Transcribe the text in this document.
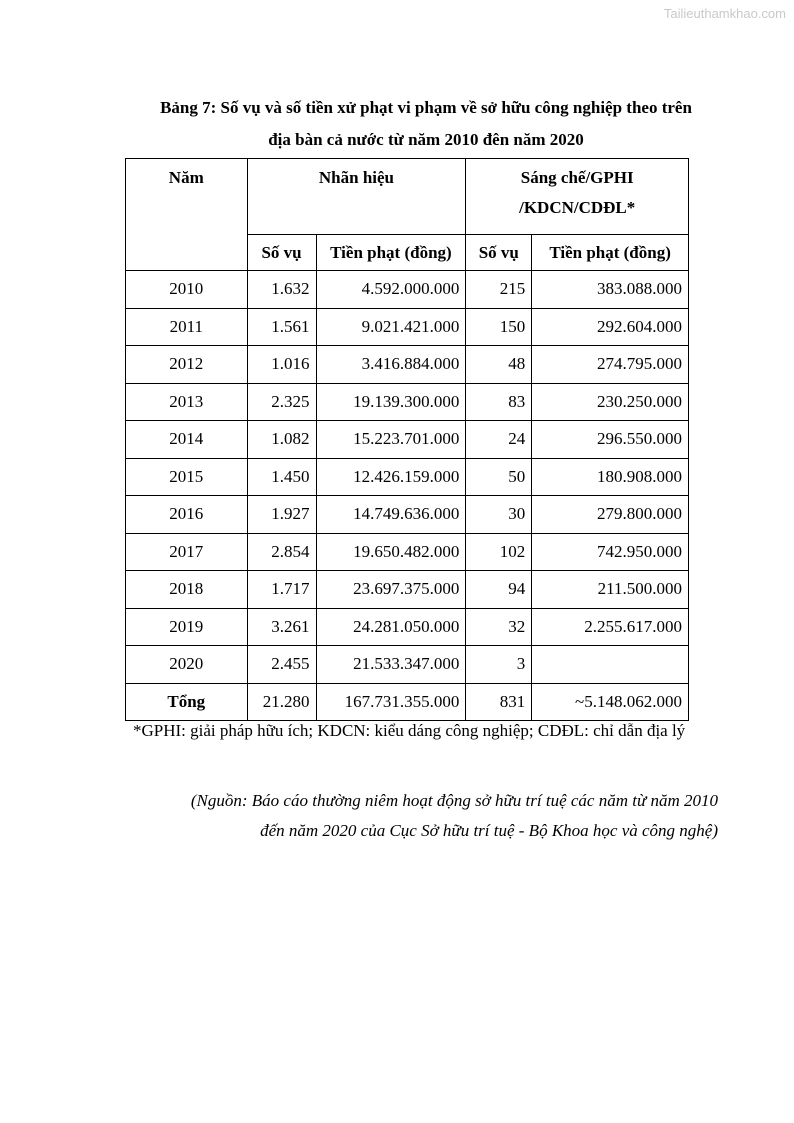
Tailieuthamkhao.com
Bảng 7: Số vụ và số tiền xử phạt vi phạm về sở hữu công nghiệp theo trên
địa bàn cả nước từ năm 2010 đên năm 2020
Năm	Nhãn hiệu		Sáng chế/GPHI
/KDCN/CDĐL*	

	Số vụ	Tiền phạt (đồng)	Số vụ	Tiền phạt (đồng)
2010	1.632	4.592.000.000	215	383.088.000
2011	1.561	9.021.421.000	150	292.604.000
2012	1.016	3.416.884.000	48	274.795.000
2013	2.325	19.139.300.000	83	230.250.000
2014	1.082	15.223.701.000	24	296.550.000
2015	1.450	12.426.159.000	50	180.908.000
2016	1.927	14.749.636.000	30	279.800.000
2017	2.854	19.650.482.000	102	742.950.000
2018	1.717	23.697.375.000	94	211.500.000
2019	3.261	24.281.050.000	32	2.255.617.000
2020	2.455	21.533.347.000	3	
Tổng	21.280	167.731.355.000	831	~5.148.062.000
*GPHI: giải pháp hữu ích; KDCN: kiểu dáng công nghiệp; CDĐL: chỉ dẫn địa lý
(Nguồn: Báo cáo thường niêm hoạt động sở hữu trí tuệ các năm từ năm 2010
đến năm 2020 của Cục Sở hữu trí tuệ - Bộ Khoa học và công nghệ)
